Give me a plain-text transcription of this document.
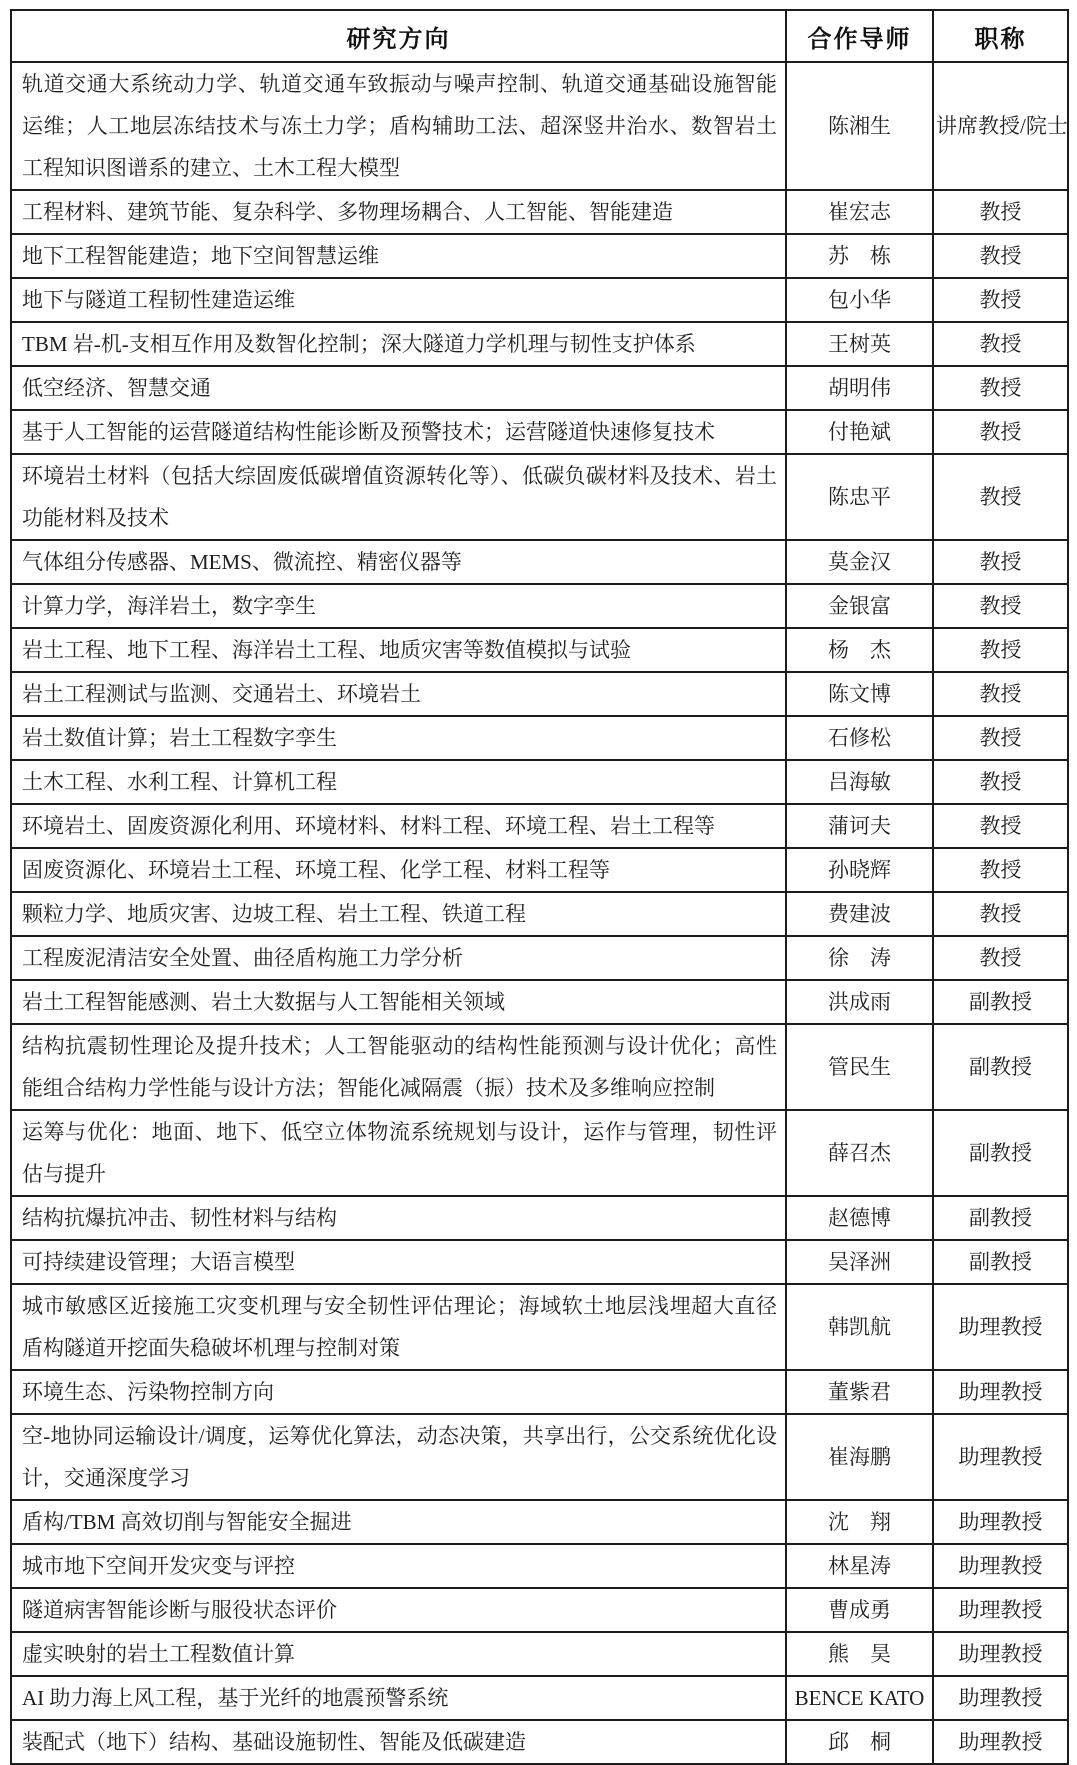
研究方向	合作导师	职称
轨道交通大系统动力学、轨道交通车致振动与噪声控制、轨道交通基础设施智能运维；人工地层冻结技术与冻土力学；盾构辅助工法、超深竖井治水、数智岩土工程知识图谱系的建立、土木工程大模型	陈湘生	讲席教授/院士
工程材料、建筑节能、复杂科学、多物理场耦合、人工智能、智能建造	崔宏志	教授
地下工程智能建造；地下空间智慧运维	苏　栋	教授
地下与隧道工程韧性建造运维	包小华	教授
TBM 岩-机-支相互作用及数智化控制；深大隧道力学机理与韧性支护体系	王树英	教授
低空经济、智慧交通	胡明伟	教授
基于人工智能的运营隧道结构性能诊断及预警技术；运营隧道快速修复技术	付艳斌	教授
环境岩土材料（包括大综固废低碳增值资源转化等）、低碳负碳材料及技术、岩土功能材料及技术	陈忠平	教授
气体组分传感器、MEMS、微流控、精密仪器等	莫金汉	教授
计算力学，海洋岩土，数字孪生	金银富	教授
岩土工程、地下工程、海洋岩土工程、地质灾害等数值模拟与试验	杨　杰	教授
岩土工程测试与监测、交通岩土、环境岩土	陈文博	教授
岩土数值计算；岩土工程数字孪生	石修松	教授
土木工程、水利工程、计算机工程	吕海敏	教授
环境岩土、固废资源化利用、环境材料、材料工程、环境工程、岩土工程等	蒲诃夫	教授
固废资源化、环境岩土工程、环境工程、化学工程、材料工程等	孙晓辉	教授
颗粒力学、地质灾害、边坡工程、岩土工程、铁道工程	费建波	教授
工程废泥清洁安全处置、曲径盾构施工力学分析	徐　涛	教授
岩土工程智能感测、岩土大数据与人工智能相关领域	洪成雨	副教授
结构抗震韧性理论及提升技术；人工智能驱动的结构性能预测与设计优化；高性能组合结构力学性能与设计方法；智能化减隔震（振）技术及多维响应控制	管民生	副教授
运筹与优化：地面、地下、低空立体物流系统规划与设计，运作与管理，韧性评估与提升	薛召杰	副教授
结构抗爆抗冲击、韧性材料与结构	赵德博	副教授
可持续建设管理；大语言模型	吴泽洲	副教授
城市敏感区近接施工灾变机理与安全韧性评估理论；海域软土地层浅埋超大直径盾构隧道开挖面失稳破坏机理与控制对策	韩凯航	助理教授
环境生态、污染物控制方向	董紫君	助理教授
空-地协同运输设计/调度，运筹优化算法，动态决策，共享出行，公交系统优化设计，交通深度学习	崔海鹏	助理教授
盾构/TBM 高效切削与智能安全掘进	沈　翔	助理教授
城市地下空间开发灾变与评控	林星涛	助理教授
隧道病害智能诊断与服役状态评价	曹成勇	助理教授
虚实映射的岩土工程数值计算	熊　昊	助理教授
AI 助力海上风工程，基于光纤的地震预警系统	BENCE KATO	助理教授
装配式（地下）结构、基础设施韧性、智能及低碳建造	邱　桐	助理教授
